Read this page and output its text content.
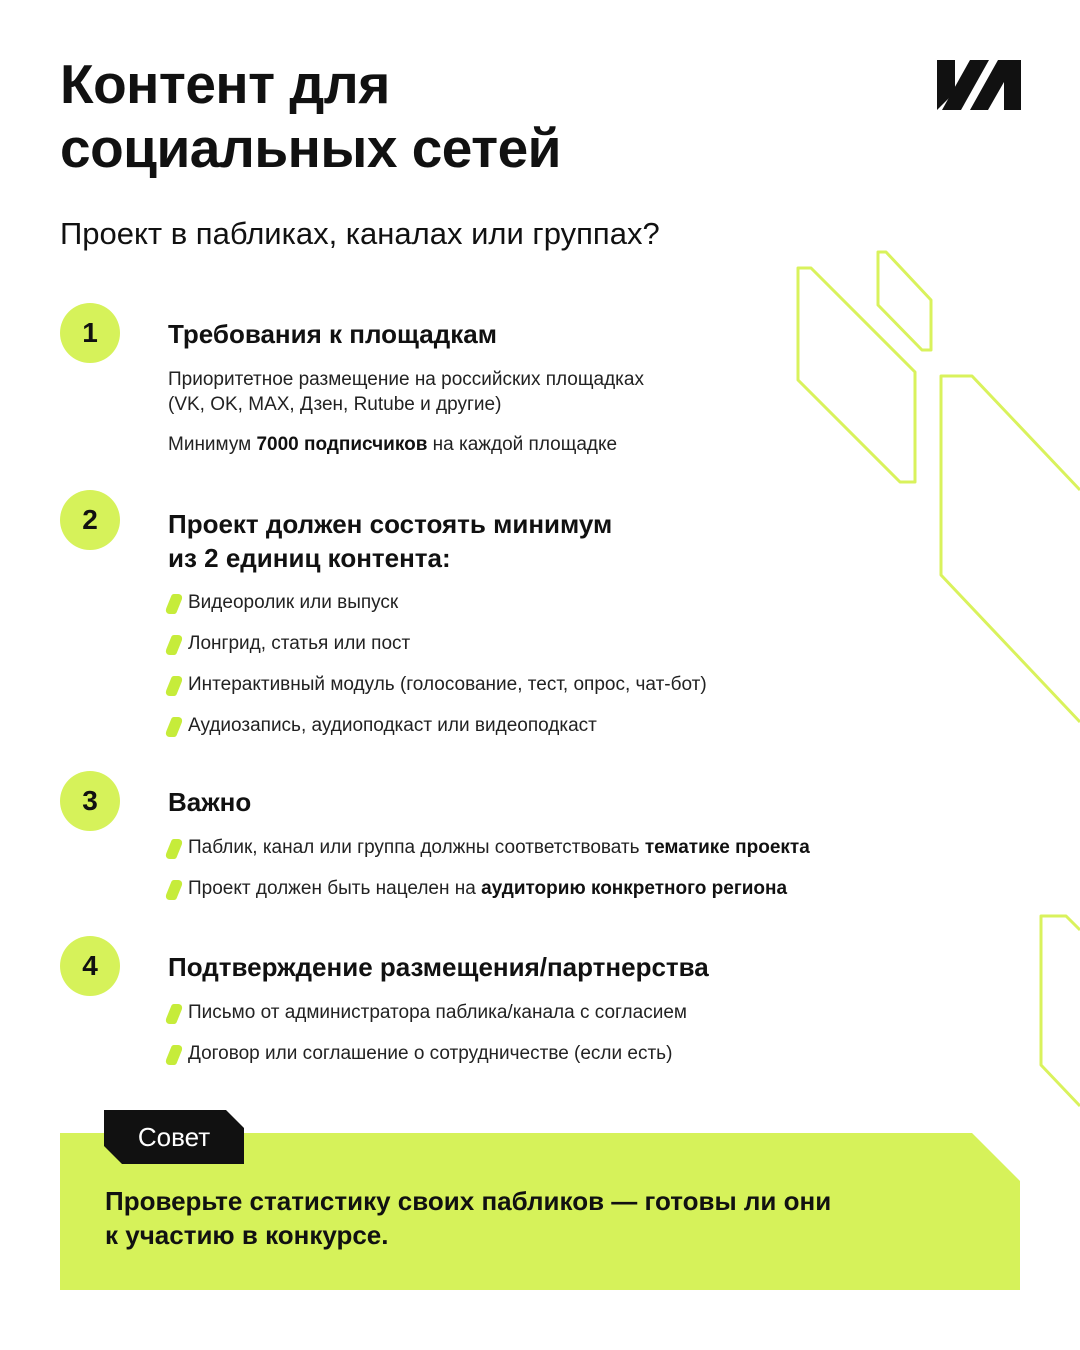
Контент для
социальных сетей

Проект в пабликах, каналах или группах?

1	Требования к площадкам

Приоритетное размещение на российских площадках
(VK, OK, MAX, Дзен, Rutube и другие)

Минимум 7000 подписчиков на каждой площадке

2	Проект должен состоять минимум
из 2 единиц контента:
Видеоролик или выпуск
Лонгрид, статья или пост
Интерактивный модуль (голосование, тест, опрос, чат-бот)
Аудиозапись, аудиоподкаст или видеоподкаст
3	Важно
Паблик, канал или группа должны соответствовать тематике проекта
Проект должен быть нацелен на аудиторию конкретного региона
4	Подтверждение размещения/партнерства
Письмо от администратора паблика/канала с согласием
Договор или соглашение о сотрудничестве (если есть)
Совет

Проверьте статистику своих пабликов — готовы ли они
к участию в конкурсе.
